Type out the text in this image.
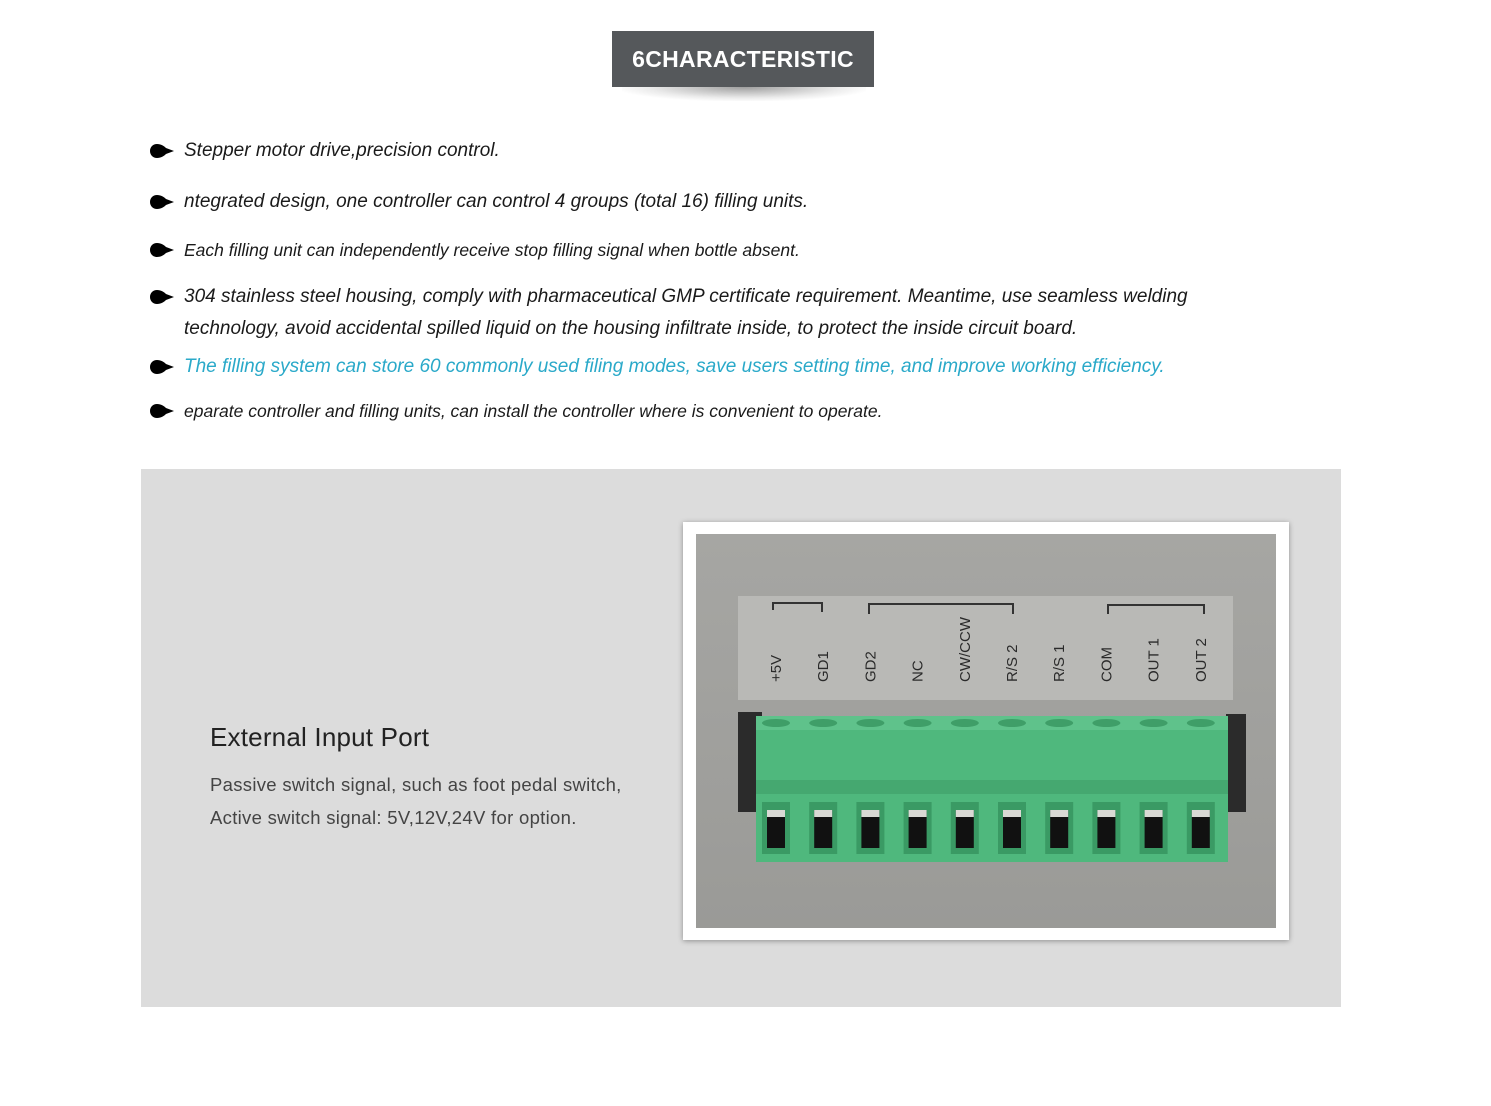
6CHARACTERISTIC
Stepper motor drive,precision control.
ntegrated design, one controller can control 4 groups (total 16) filling units.
Each filling unit can independently receive stop filling signal when bottle absent.
304 stainless steel housing, comply with pharmaceutical GMP certificate requirement. Meantime, use seamless welding technology, avoid accidental spilled liquid on the housing infiltrate inside, to protect the inside circuit board.
The filling system can store 60 commonly used filing modes, save users setting time, and improve working efficiency.
eparate controller and filling units, can install the controller where is convenient to operate.
External Input Port
Passive switch signal, such as foot pedal switch,
Active switch signal: 5V,12V,24V for option.
+5V GD1 GD2 NC CW/CCW R/S 2 R/S 1 COM OUT 1 OUT 2
